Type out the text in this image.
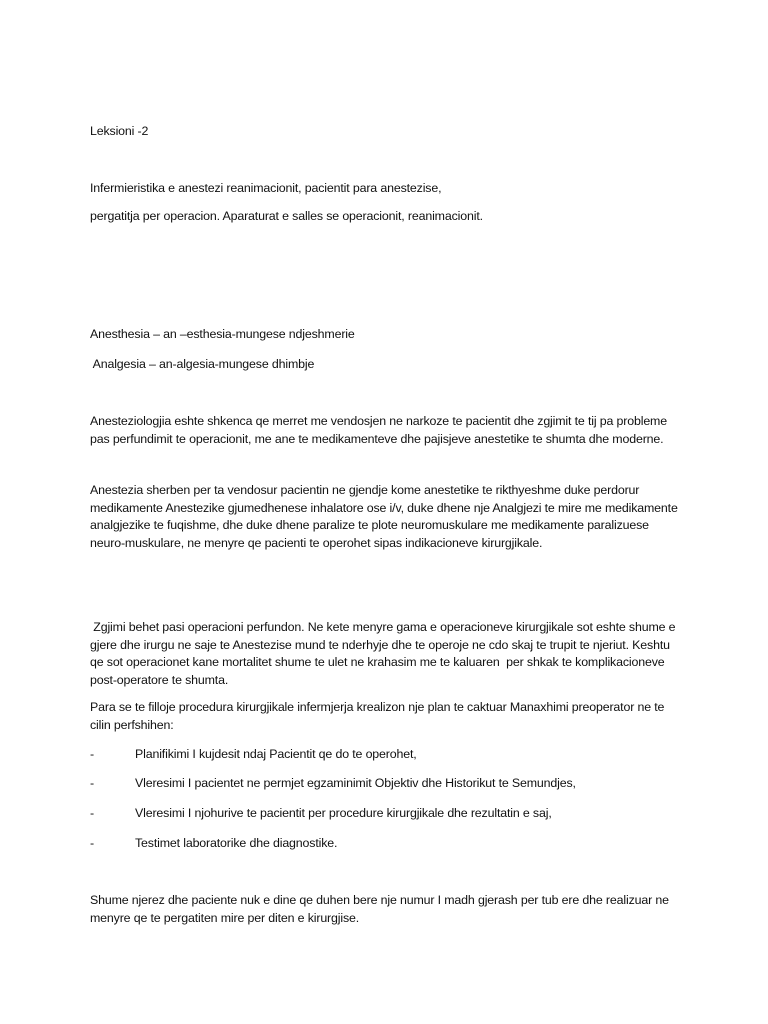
Leksioni -2
Infermieristika e anestezi reanimacionit, pacientit para anestezise,
pergatitja per operacion. Aparaturat e salles se operacionit, reanimacionit.
Anesthesia – an –esthesia-mungese ndjeshmerie
Analgesia – an-algesia-mungese dhimbje

Anesteziologjia eshte shkenca qe merret me vendosjen ne narkoze te pacientit dhe zgjimit te tij pa probleme pas perfundimit te operacionit, me ane te medikamenteve dhe pajisjeve anestetike te shumta dhe moderne.

Anestezia sherben per ta vendosur pacientin ne gjendje kome anestetike te rikthyeshme duke perdorur medikamente Anestezike gjumedhenese inhalatore ose i/v, duke dhene nje Analgjezi te mire me medikamente analgjezike te fuqishme, dhe duke dhene paralize te plote neuromuskulare me medikamente paralizuese neuro-muskulare, ne menyre qe pacienti te operohet sipas indikacioneve kirurgjikale.

Zgjimi behet pasi operacioni perfundon. Ne kete menyre gama e operacioneve kirurgjikale sot eshte shume e gjere dhe irurgu ne saje te Anestezise mund te nderhyje dhe te operoje ne cdo skaj te trupit te njeriut. Keshtu qe sot operacionet kane mortalitet shume te ulet ne krahasim me te kaluaren  per shkak te komplikacioneve post-operatore te shumta.

Para se te filloje procedura kirurgjikale infermjerja krealizon nje plan te caktuar Manaxhimi preoperator ne te cilin perfshihen:

-	Planifikimi I kujdesit ndaj Pacientit qe do te operohet,
-	Vleresimi I pacientet ne permjet egzaminimit Objektiv dhe Historikut te Semundjes,
-	Vleresimi I njohurive te pacientit per procedure kirurgjikale dhe rezultatin e saj,
-	Testimet laboratorike dhe diagnostike.

Shume njerez dhe paciente nuk e dine qe duhen bere nje numur I madh gjerash per tub ere dhe realizuar ne menyre qe te pergatiten mire per diten e kirurgjise.
